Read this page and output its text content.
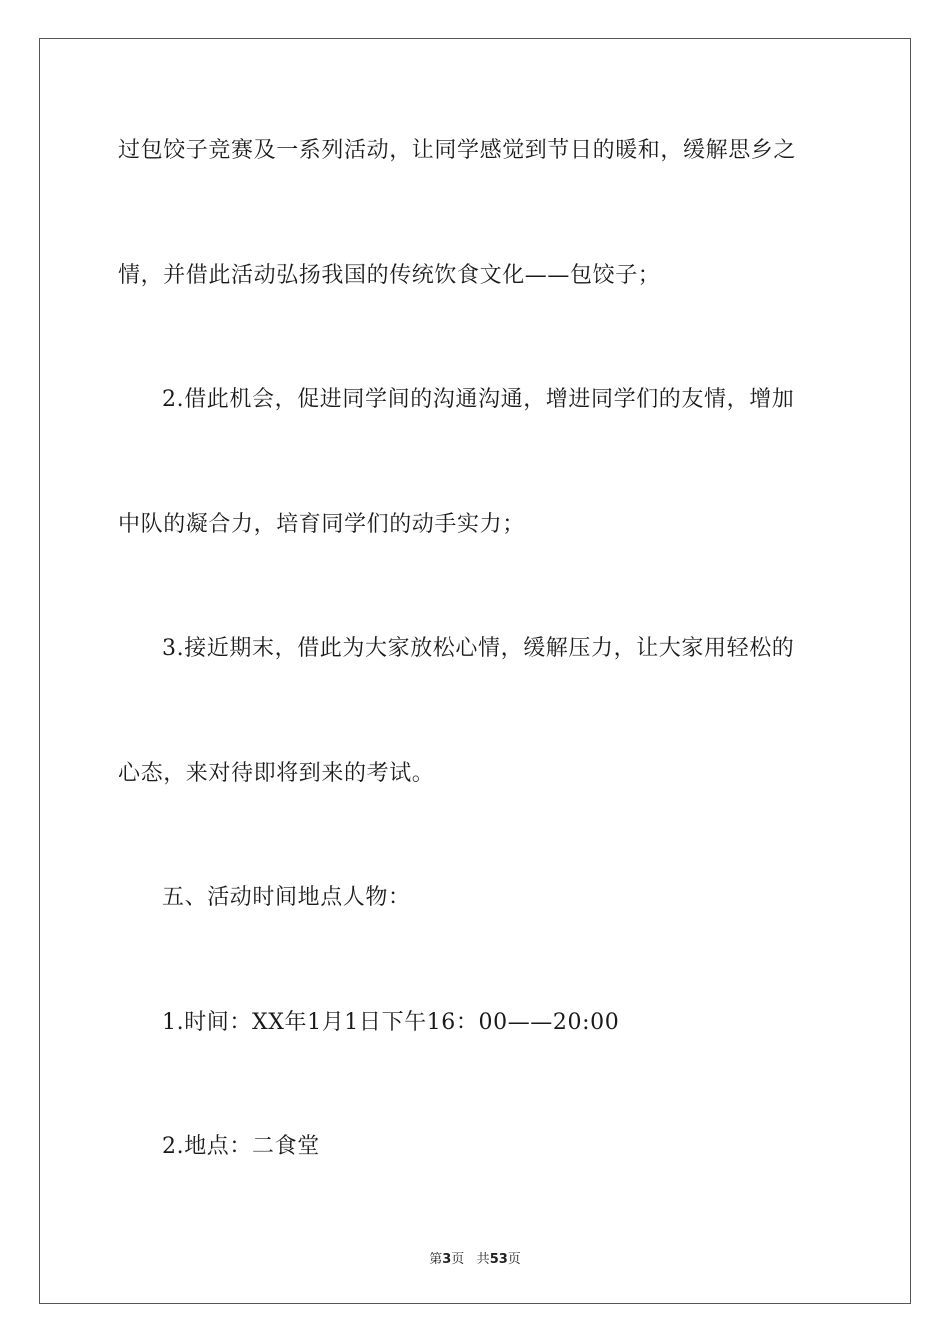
过包饺子竞赛及一系列活动，让同学感觉到节日的暖和，缓解思乡之
情，并借此活动弘扬我国的传统饮食文化——包饺子；
2.借此机会，促进同学间的沟通沟通，增进同学们的友情，增加
中队的凝合力，培育同学们的动手实力；
3.接近期末，借此为大家放松心情，缓解压力，让大家用轻松的
心态，来对待即将到来的考试。
五、活动时间地点人物：
1.时间：XX年1月1日下午16：00——20:00
2.地点：二食堂
第3页 共53页
